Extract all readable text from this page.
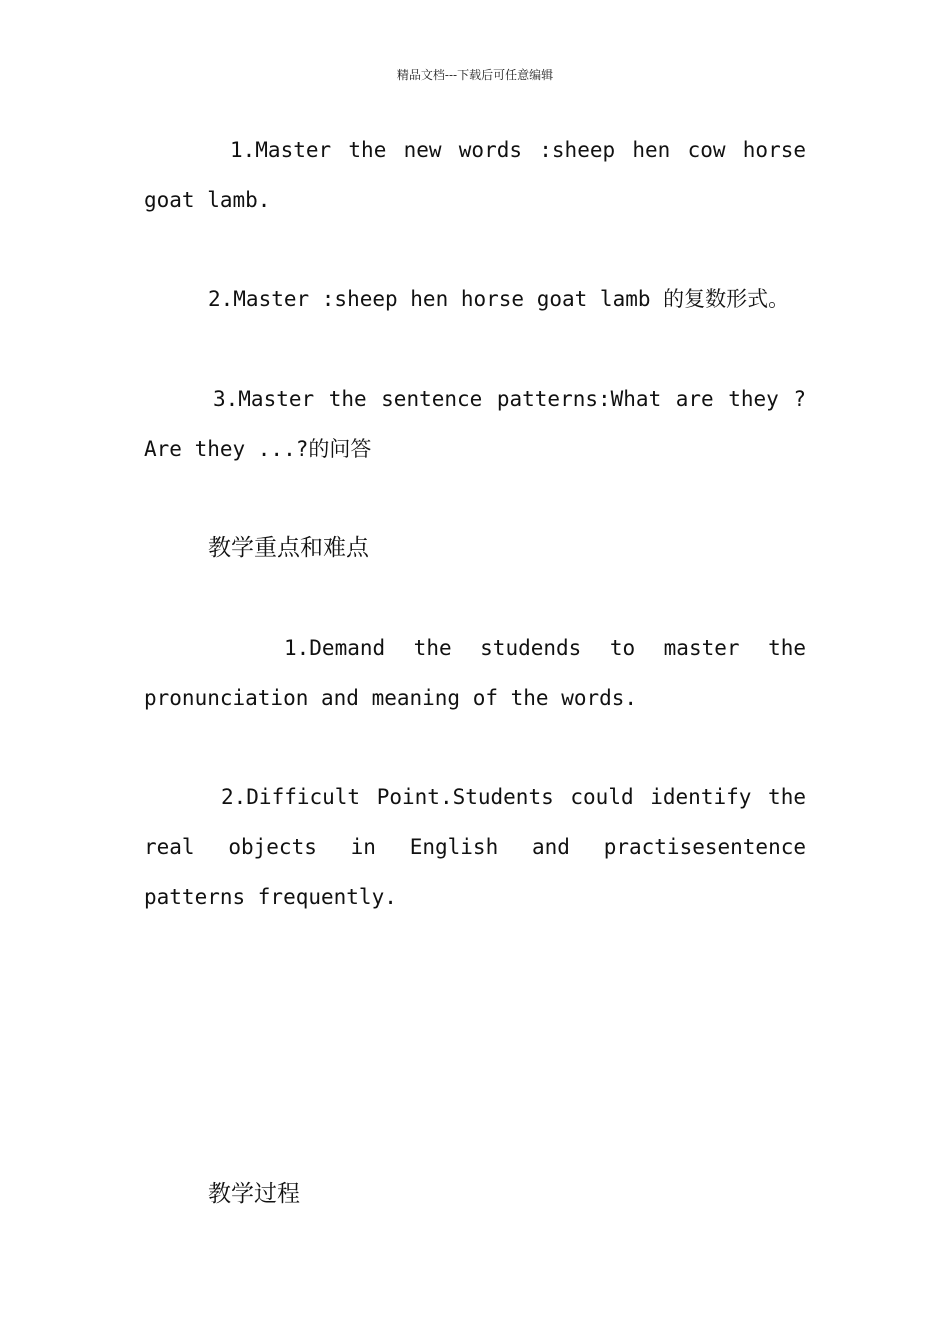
精品文档---下载后可任意编辑
1.Master the new words :sheep hen cow horse
goat lamb.
2.Master :sheep hen horse goat lamb 的复数形式。
3.Master the sentence patterns:What are they ?
Are they ...?的问答
教学重点和难点
1.Demand the studends to master the
pronunciation and meaning of the words.
2.Difficult Point.Students could identify the
real objects in English and practisesentence
patterns frequently.
教学过程
